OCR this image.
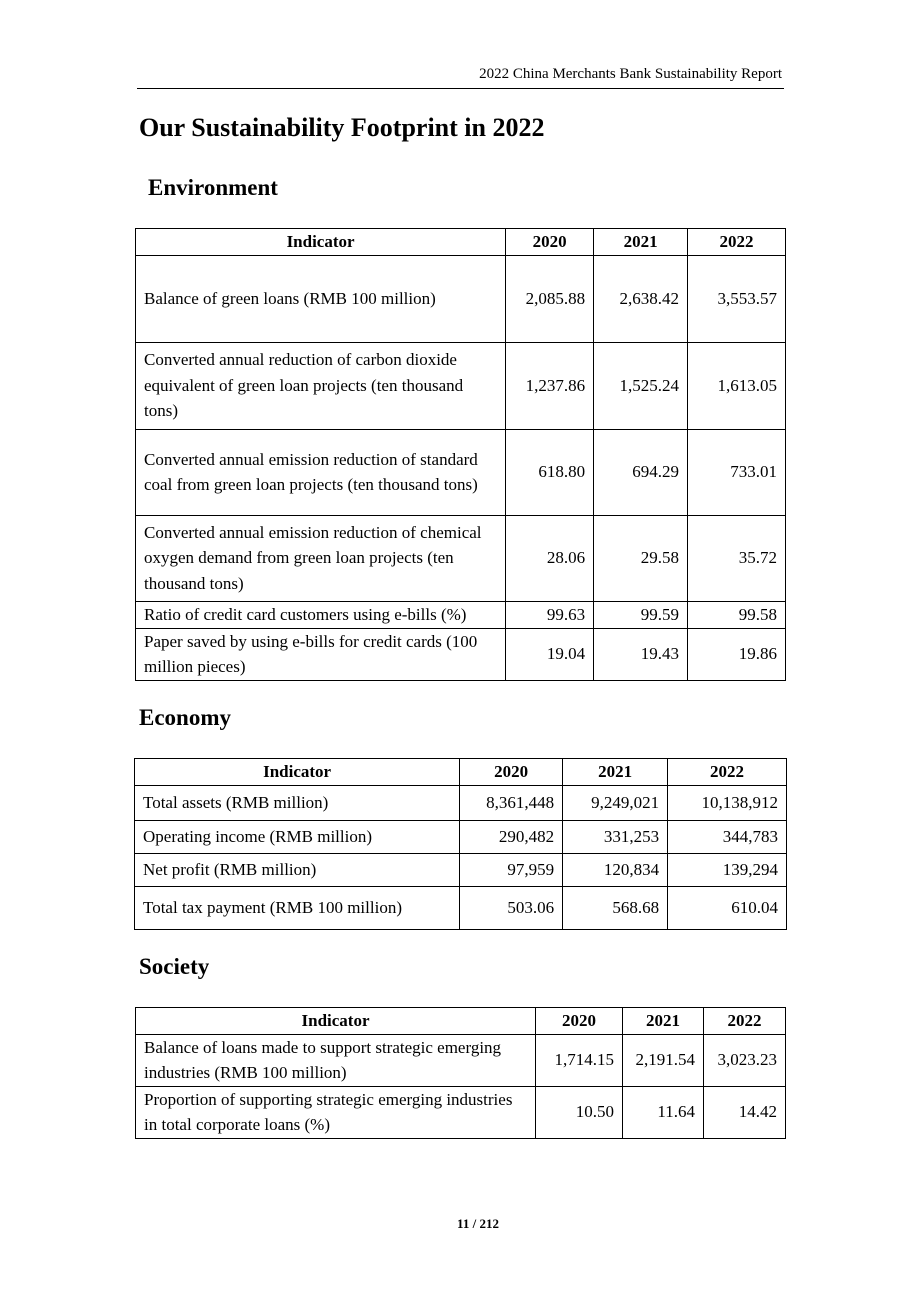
2022 China Merchants Bank Sustainability Report
Our Sustainability Footprint in 2022
Environment
Indicator	2020	2021	2022
Balance of green loans (RMB 100 million)	2,085.88	2,638.42	3,553.57
Converted annual reduction of carbon dioxide equivalent of green loan projects (ten thousand tons)	1,237.86	1,525.24	1,613.05
Converted annual emission reduction of standard coal from green loan projects (ten thousand tons)	618.80	694.29	733.01
Converted annual emission reduction of chemical oxygen demand from green loan projects (ten thousand tons)	28.06	29.58	35.72
Ratio of credit card customers using e-bills (%)	99.63	99.59	99.58
Paper saved by using e-bills for credit cards (100 million pieces)	19.04	19.43	19.86
Economy
Indicator	2020	2021	2022
Total assets (RMB million)	8,361,448	9,249,021	10,138,912
Operating income (RMB million)	290,482	331,253	344,783
Net profit (RMB million)	97,959	120,834	139,294
Total tax payment (RMB 100 million)	503.06	568.68	610.04
Society
Indicator	2020	2021	2022
Balance of loans made to support strategic emerging industries (RMB 100 million)	1,714.15	2,191.54	3,023.23
Proportion of supporting strategic emerging industries in total corporate loans (%)	10.50	11.64	14.42
11 / 212
